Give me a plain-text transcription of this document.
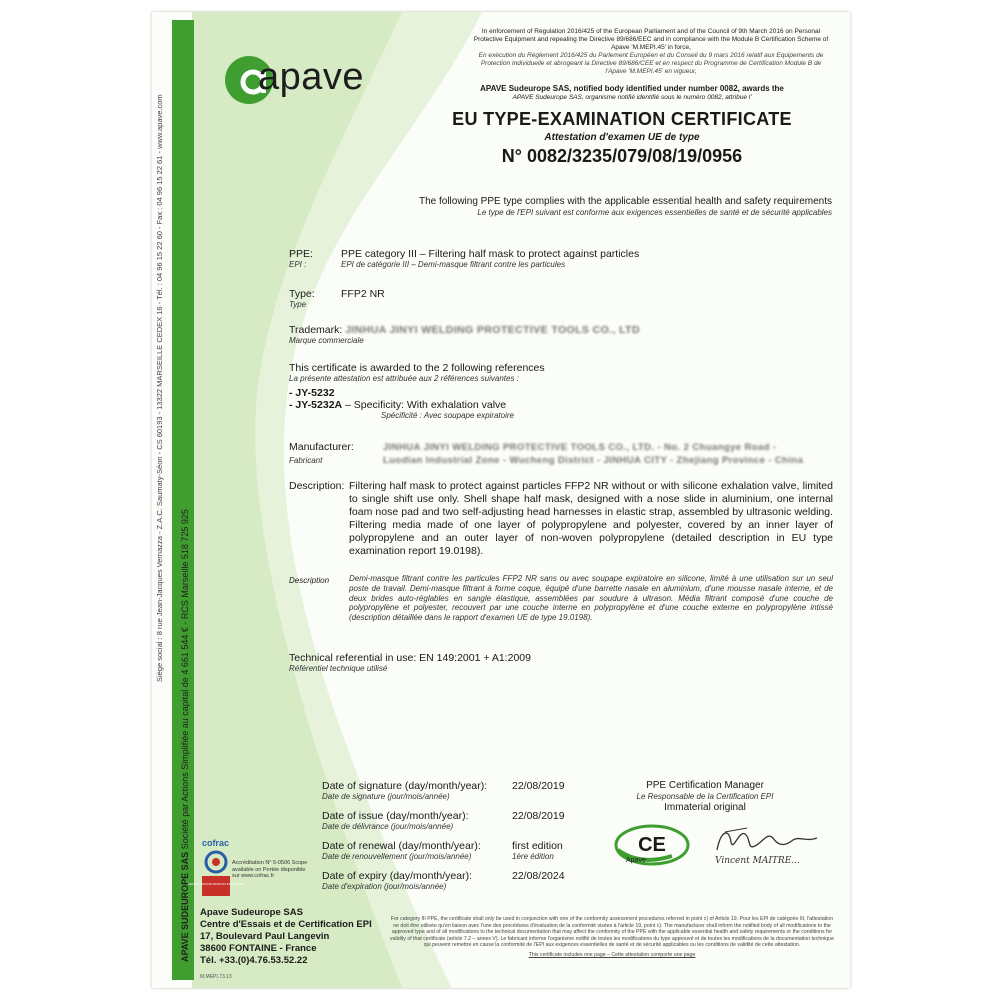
Siège social : 8 rue Jean-Jacques Vernazza - Z.A.C. Saumaty-Séon - CS 60193 - 13322 MARSEILLE CEDEX 16 - Tél. : 04 96 15 22 60 - Fax : 04 96 15 22 61 - www.apave.com
APAVE SUDEUROPE SAS Société par Actions Simplifiée au capital de 4 661 544 € - RCS Marseille 518 725 925
apave
In enforcement of Regulation 2016/425 of the European Parliament and of the Council of 9th March 2016 on Personal Protective Equipment and repealing the Directive 89/686/EEC and in compliance with the Module B Certification Scheme of Apave 'M.MEPI.45' in force,
En exécution du Règlement 2016/425 du Parlement Européen et du Conseil du 9 mars 2016 relatif aux Equipements de Protection Individuelle et abrogeant la Directive 89/686/CEE et en respect du Programme de Certification Module B de l'Apave 'M.MEPI.45' en vigueur,
APAVE Sudeurope SAS, notified body identified under number 0082, awards the
APAVE Sudeurope SAS, organisme notifié identifié sous le numéro 0082, attribue l'
EU TYPE-EXAMINATION CERTIFICATE
Attestation d'examen UE de type
N° 0082/3235/079/08/19/0956
The following PPE type complies with the applicable essential health and safety requirements
Le type de l'EPI suivant est conforme aux exigences essentielles de santé et de sécurité applicables
PPE:	PPE category III – Filtering half mask to protect against particles
EPI :	EPI de catégorie III – Demi-masque filtrant contre les particules
Type:	FFP2 NR
Type
Trademark: JINHUA JINYI WELDING PROTECTIVE TOOLS CO., LTD
Marque commerciale
This certificate is awarded to the 2 following references
La présente attestation est attribuée aux 2 références suivantes :
- JY-5232
- JY-5232A – Specificity: With exhalation valve
Spécificité : Avec soupape expiratoire
Manufacturer:	JINHUA JINYI WELDING PROTECTIVE TOOLS CO., LTD. - No. 2 Chuangye Road -
Fabricant	Luodian Industrial Zone - Wucheng District - JINHUA CITY - Zhejiang Province - China
Description: Filtering half mask to protect against particles FFP2 NR without or with silicone exhalation valve, limited to single shift use only. Shell shape half mask, designed with a nose slide in aluminium, one internal foam nose pad and two self-adjusting head harnesses in elastic strap, assembled by ultrasonic welding. Filtering media made of one layer of polypropylene and polyester, covered by an inner layer of polypropylene and an outer layer of non-woven polypropylene (detailed description in EU type examination report 19.0198).
Description Demi-masque filtrant contre les particules FFP2 NR sans ou avec soupape expiratoire en silicone, limité à une utilisation sur un seul poste de travail. Demi-masque filtrant à forme coque, équipé d'une barrette nasale en aluminium, d'une mousse nasale interne, et de deux brides auto-réglables en sangle élastique, assemblées par soudure à ultrason. Média filtrant composé d'une couche de polypropylène et polyester, recouvert par une couche interne en polypropylène et d'une couche externe en polypropylène intissé (description détaillée dans le rapport d'examen UE de type 19.0198).
Technical referential in use: EN 149:2001 + A1:2009
Référentiel technique utilisé
Date of signature (day/month/year):
Date de signature (jour/mois/année)
22/08/2019
Date of issue (day/month/year):
Date de délivrance (jour/mois/année)
22/08/2019
Date of renewal (day/month/year):
Date de renouvellement (jour/mois/année)
first edition
1ère édition
Date of expiry (day/month/year):
Date d'expiration (jour/mois/année)
22/08/2024
PPE Certification Manager
Le Responsable de la Certification EPI
Immaterial original
CE
Apave	Vincent MAITRE...
cofrac
CERTIFICATION DE PRODUITS ET SERVICES
Accréditation N° 5-0506 Scope available on Portée disponible sur www.cofrac.fr
Apave Sudeurope SAS
Centre d'Essais et de Certification EPI
17, Boulevard Paul Langevin
38600 FONTAINE - France
Tél. +33.(0)4.76.53.52.22
For category III PPE, the certificate shall only be used in conjunction with one of the conformity assessment procedures referred in point c) of Article 19. Pour les EPI de catégorie III, l'attestation ne doit être utilisée qu'en liaison avec l'une des procédures d'évaluation de la conformité visées à l'article 19, point c). The manufacturer shall inform the notified body of all modifications to the approved type and of all modifications to the technical documentation that may affect the conformity of the PPE with the applicable essential health and safety requirements or the conditions for validity of that certificate (article 7.2 – annex V). Le fabricant informe l'organisme notifié de toutes les modifications du type approuvé et de toutes les modifications de la documentation technique qui peuvent remettre en cause la conformité de l'EPI aux exigences essentielles de santé et de sécurité applicables ou les conditions de validité de cette attestation.
This certificate includes one page – Cette attestation comporte une page
M.MEPI.73.13
